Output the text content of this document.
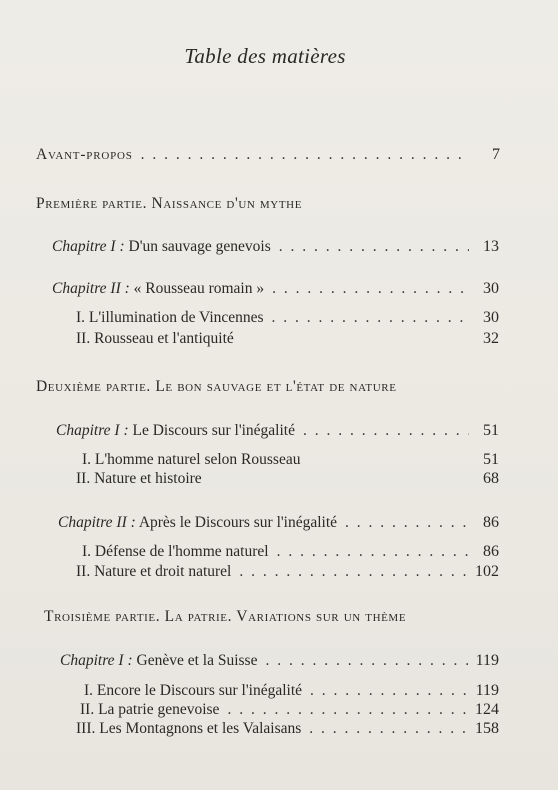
Table des matières
Avant-propos . . .	7
Première partie. Naissance d'un mythe
Chapitre I : D'un sauvage genevois . . .	13
Chapitre II : « Rousseau romain » . . .	30
I. L'illumination de Vincennes . . .	30
II. Rousseau et l'antiquité	32
Deuxième partie. Le bon sauvage et l'état de nature
Chapitre I : Le Discours sur l'inégalité . . .	51
I. L'homme naturel selon Rousseau	51
II. Nature et histoire	68
Chapitre II : Après le Discours sur l'inégalité . . .	86
I. Défense de l'homme naturel . . .	86
II. Nature et droit naturel . . .	102
Troisième partie. La patrie. Variations sur un thème
Chapitre I : Genève et la Suisse . . .	119
I. Encore le Discours sur l'inégalité . . .	119
II. La patrie genevoise . . .	124
III. Les Montagnons et les Valaisans . . .	158
